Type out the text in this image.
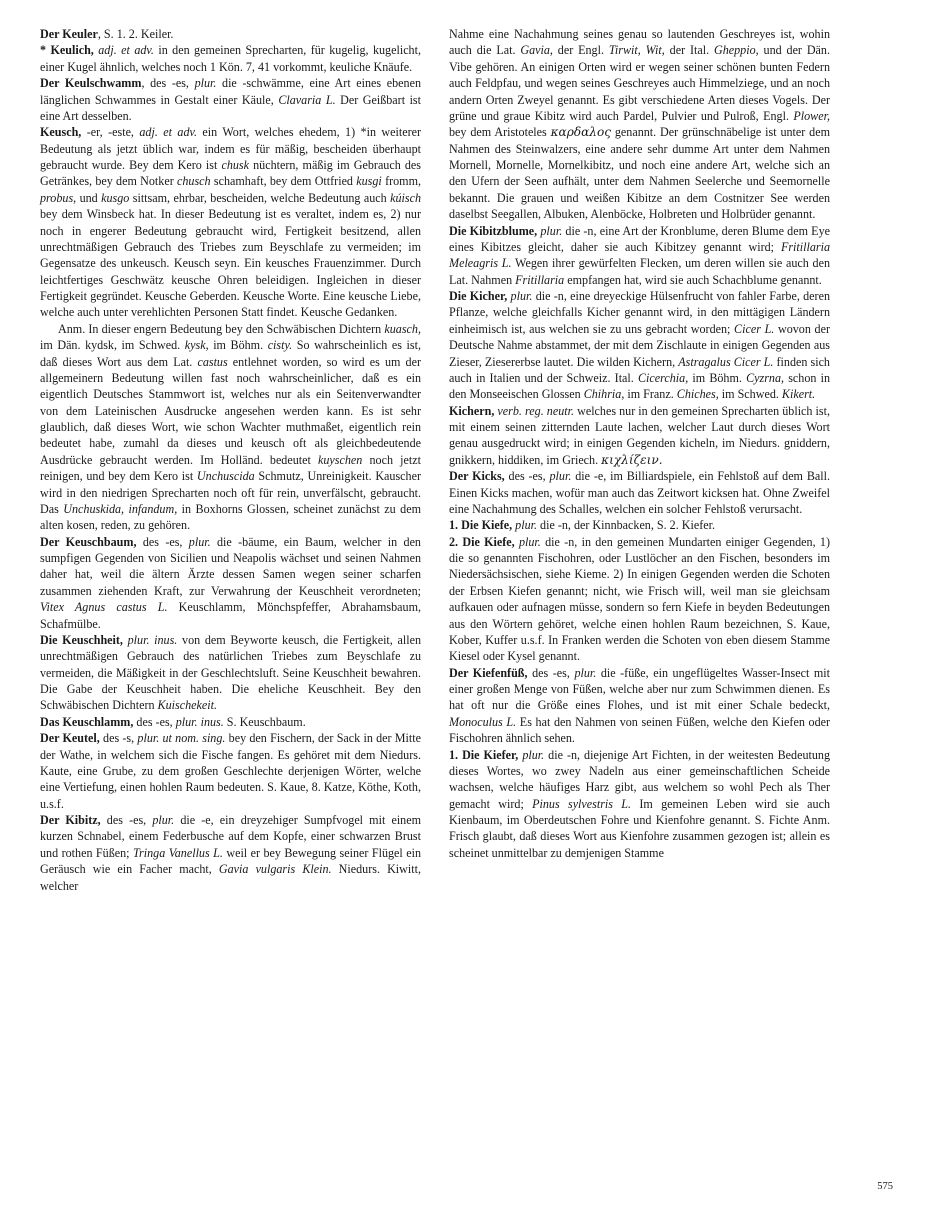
Der Keuler, S. 1. 2. Keiler.

* Keulich, adj. et adv. in den gemeinen Sprecharten, für kugelig, kugelicht, einer Kugel ähnlich, welches noch 1 Kön. 7, 41 vorkommt, keuliche Knäufe.

Der Keulschwamm, des -es, plur. die -schwämme, eine Art eines ebenen länglichen Schwammes in Gestalt einer Käule, Clavaria L. Der Geißbart ist eine Art desselben.

Keusch, -er, -este, adj. et adv. ein Wort, welches ehedem, 1) *in weiterer Bedeutung als jetzt üblich war, indem es für mäßig, bescheiden überhaupt gebraucht wurde. Bey dem Kero ist chusk nüchtern, mäßig im Gebrauch des Getränkes, bey dem Notker chusch schamhaft, bey dem Ottfried kusgi fromm, probus, und kusgo sittsam, ehrbar, bescheiden, welche Bedeutung auch kúisch bey dem Winsbeck hat. In dieser Bedeutung ist es veraltet, indem es, 2) nur noch in engerer Bedeutung gebraucht wird, Fertigkeit besitzend, allen unrechtmäßigen Gebrauch des Triebes zum Beyschlafe zu vermeiden; im Gegensatze des unkeusch. Keusch seyn. Ein keusches Frauenzimmer. Durch leichtfertiges Geschwätz keusche Ohren beleidigen. Ingleichen in dieser Fertigkeit gegründet. Keusche Geberden. Keusche Worte. Eine keusche Liebe, welche auch unter verehlichten Personen Statt findet. Keusche Gedanken.

Anm. In dieser engern Bedeutung bey den Schwäbischen Dichtern kuasch, im Dän. kydsk, im Schwed. kysk, im Böhm. cisty. So wahrscheinlich es ist, daß dieses Wort aus dem Lat. castus entlehnet worden, so wird es um der allgemeinern Bedeutung willen fast noch wahrscheinlicher, daß es ein eigentlich Deutsches Stammwort ist, welches nur als ein Seitenverwandter von dem Lateinischen Ausdrucke angesehen werden kann. Es ist sehr glaublich, daß dieses Wort, wie schon Wachter muthmaßet, eigentlich rein bedeutet habe, zumahl da dieses und keusch oft als gleichbedeutende Ausdrücke gebraucht werden. Im Holländ. bedeutet kuyschen noch jetzt reinigen, und bey dem Kero ist Unchuscida Schmutz, Unreinigkeit. Kauscher wird in den niedrigen Sprecharten noch oft für rein, unverfälscht, gebraucht. Das Unchuskida, infandum, in Boxhorns Glossen, scheinet zunächst zu dem alten kosen, reden, zu gehören.

Der Keuschbaum, des -es, plur. die -bäume, ein Baum, welcher in den sumpfigen Gegenden von Sicilien und Neapolis wächset und seinen Nahmen daher hat, weil die ältern Ärzte dessen Samen wegen seiner scharfen zusammen ziehenden Kraft, zur Verwahrung der Keuschheit verordneten; Vitex Agnus castus L. Keuschlamm, Mönchspfeffer, Abrahamsbaum, Schafmülbe.

Die Keuschheit, plur. inus. von dem Beyworte keusch, die Fertigkeit, allen unrechtmäßigen Gebrauch des natürlichen Triebes zum Beyschlafe zu vermeiden, die Mäßigkeit in der Geschlechtsluft. Seine Keuschheit bewahren. Die Gabe der Keuschheit haben. Die eheliche Keuschheit. Bey den Schwäbischen Dichtern Kuischekeit.

Das Keuschlamm, des -es, plur. inus. S. Keuschbaum.

Der Keutel, des -s, plur. ut nom. sing. bey den Fischern, der Sack in der Mitte der Wathe, in welchem sich die Fische fangen. Es gehöret mit dem Niedurs. Kaute, eine Grube, zu dem großen Geschlechte derjenigen Wörter, welche eine Vertiefung, einen hohlen Raum bedeuten. S. Kaue, 8. Katze, Köthe, Koth, u.s.f.

Der Kibitz, des -es, plur. die -e, ein dreyzehiger Sumpfvogel mit einem kurzen Schnabel, einem Federbusche auf dem Kopfe, einer schwarzen Brust und rothen Füßen; Tringa Vanellus L. weil er bey Bewegung seiner Flügel ein Geräusch wie ein Facher macht, Gavia vulgaris Klein. Niedurs. Kiwitt, welcher

Nahme eine Nachahmung seines genau so lautenden Geschreyes ist, wohin auch die Lat. Gavia, der Engl. Tirwit, Wit, der Ital. Gheppio, und der Dän. Vibe gehören. An einigen Orten wird er wegen seiner schönen bunten Federn auch Feldpfau, und wegen seines Geschreyes auch Himmelziege, und an noch andern Orten Zweyel genannt. Es gibt verschiedene Arten dieses Vogels. Der grüne und graue Kibitz wird auch Pardel, Pulvier und Pulroß, Engl. Plower, bey dem Aristoteles καρδαλος genannt. Der grünschnäbelige ist unter dem Nahmen des Steinwalzers, eine andere sehr dumme Art unter dem Nahmen Mornell, Mornelle, Mornelkibitz, und noch eine andere Art, welche sich an den Ufern der Seen aufhält, unter dem Nahmen Seelerche und Seemornelle bekannt. Die grauen und weißen Kibitze an dem Costnitzer See werden daselbst Seegallen, Albuken, Alenböcke, Holbreten und Holbrüder genannt.

Die Kibitzblume, plur. die -n, eine Art der Kronblume, deren Blume dem Eye eines Kibitzes gleicht, daher sie auch Kibitzey genannt wird; Fritillaria Meleagris L. Wegen ihrer gewürfelten Flecken, um deren willen sie auch den Lat. Nahmen Fritillaria empfangen hat, wird sie auch Schachblume genannt.

Die Kicher, plur. die -n, eine dreyeckige Hülsenfrucht von fahler Farbe, deren Pflanze, welche gleichfalls Kicher genannt wird, in den mittägigen Ländern einheimisch ist, aus welchen sie zu uns gebracht worden; Cicer L. wovon der Deutsche Nahme abstammet, der mit dem Zischlaute in einigen Gegenden aus Zieser, Ziesererbse lautet. Die wilden Kichern, Astragalus Cicer L. finden sich auch in Italien und der Schweiz. Ital. Cicerchia, im Böhm. Cyzrna, schon in den Monseeischen Glossen Chihria, im Franz. Chiches, im Schwed. Kikert.

Kichern, verb. reg. neutr. welches nur in den gemeinen Sprecharten üblich ist, mit einem seinen zitternden Laute lachen, welcher Laut durch dieses Wort genau ausgedruckt wird; in einigen Gegenden kicheln, im Niedurs. gniddern, gnikkern, hiddiken, im Griech. κιχλίζειν.

Der Kicks, des -es, plur. die -e, im Billiardspiele, ein Fehlstoß auf dem Ball. Einen Kicks machen, wofür man auch das Zeitwort kicksen hat. Ohne Zweifel eine Nachahmung des Schalles, welchen ein solcher Fehlstoß verursacht.

1. Die Kiefe, plur. die -n, der Kinnbacken, S. 2. Kiefer.

2. Die Kiefe, plur. die -n, in den gemeinen Mundarten einiger Gegenden, 1) die so genannten Fischohren, oder Lustlöcher an den Fischen, besonders im Niedersächsischen, siehe Kieme. 2) In einigen Gegenden werden die Schoten der Erbsen Kiefen genannt; nicht, wie Frisch will, weil man sie gleichsam aufkauen oder aufnagen müsse, sondern so fern Kiefe in beyden Bedeutungen aus den Wörtern gehöret, welche einen hohlen Raum bezeichnen, S. Kaue, Kober, Kuffer u.s.f. In Franken werden die Schoten von eben diesem Stamme Kiesel oder Kysel genannt.

Der Kiefenfüß, des -es, plur. die -füße, ein ungeflügeltes Wasser-Insect mit einer großen Menge von Füßen, welche aber nur zum Schwimmen dienen. Es hat oft nur die Größe eines Flohes, und ist mit einer Schale bedeckt, Monoculus L. Es hat den Nahmen von seinen Füßen, welche den Kiefen oder Fischohren ähnlich sehen.

1. Die Kiefer, plur. die -n, diejenige Art Fichten, in der weitesten Bedeutung dieses Wortes, wo zwey Nadeln aus einer gemeinschaftlichen Scheide wachsen, welche häufiges Harz gibt, aus welchem so wohl Pech als Ther gemacht wird; Pinus sylvestris L. Im gemeinen Leben wird sie auch Kienbaum, im Oberdeutschen Fohre und Kienfohre genannt. S. Fichte Anm. Frisch glaubt, daß dieses Wort aus Kienfohre zusammen gezogen ist; allein es scheinet unmittelbar zu demjenigen Stamme

575
